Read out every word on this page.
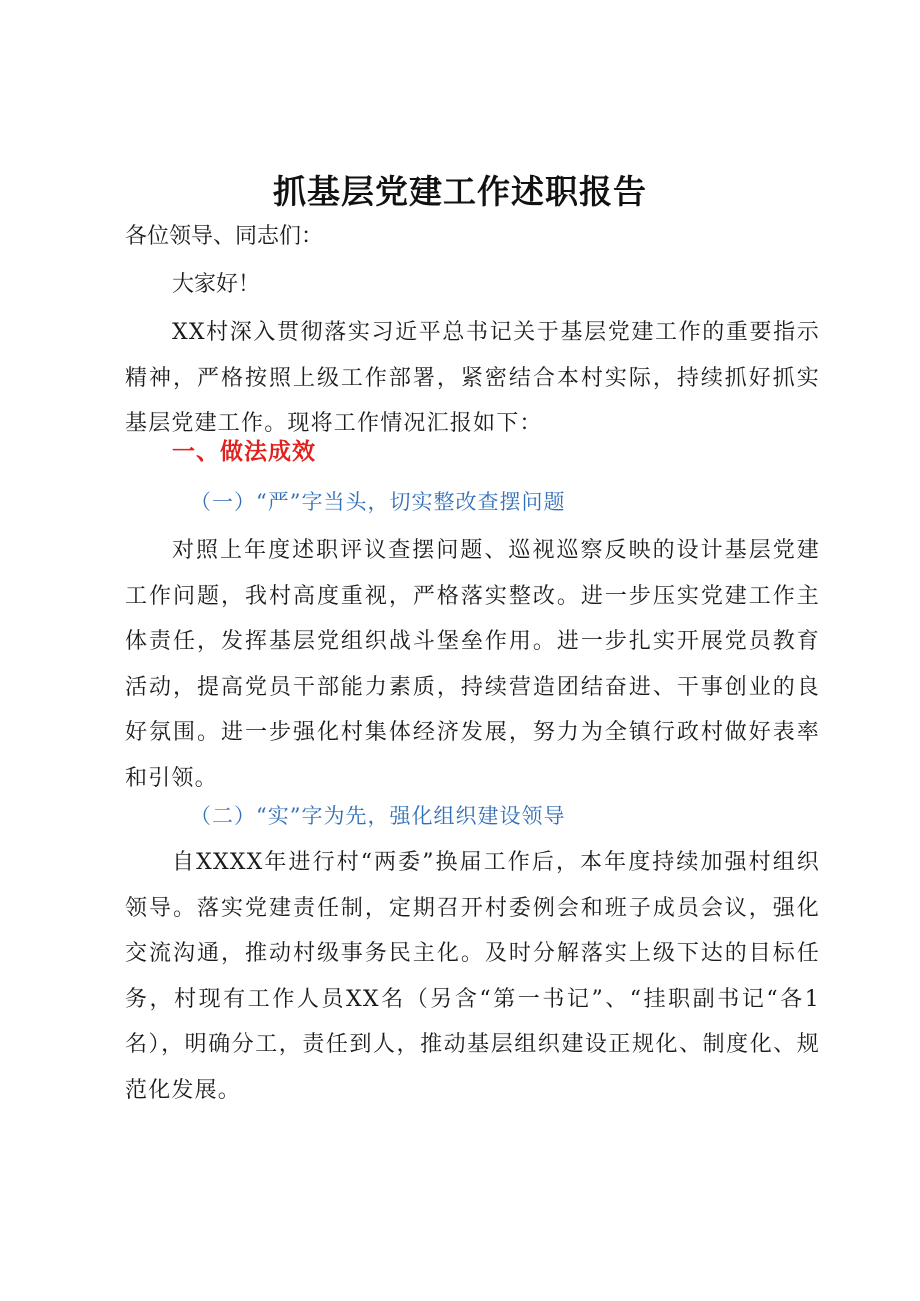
抓基层党建工作述职报告
各位领导、同志们：
大家好！
XX村深入贯彻落实习近平总书记关于基层党建工作的重要指示精神，严格按照上级工作部署，紧密结合本村实际，持续抓好抓实基层党建工作。现将工作情况汇报如下：
一、做法成效
（一）“严”字当头，切实整改查摆问题
对照上年度述职评议查摆问题、巡视巡察反映的设计基层党建工作问题，我村高度重视，严格落实整改。进一步压实党建工作主体责任，发挥基层党组织战斗堡垒作用。进一步扎实开展党员教育活动，提高党员干部能力素质，持续营造团结奋进、干事创业的良好氛围。进一步强化村集体经济发展，努力为全镇行政村做好表率和引领。
（二）“实”字为先，强化组织建设领导
自XXXX年进行村“两委”换届工作后，本年度持续加强村组织领导。落实党建责任制，定期召开村委例会和班子成员会议，强化交流沟通，推动村级事务民主化。及时分解落实上级下达的目标任务，村现有工作人员XX名（另含“第一书记”、“挂职副书记“各1名），明确分工，责任到人，推动基层组织建设正规化、制度化、规范化发展。
